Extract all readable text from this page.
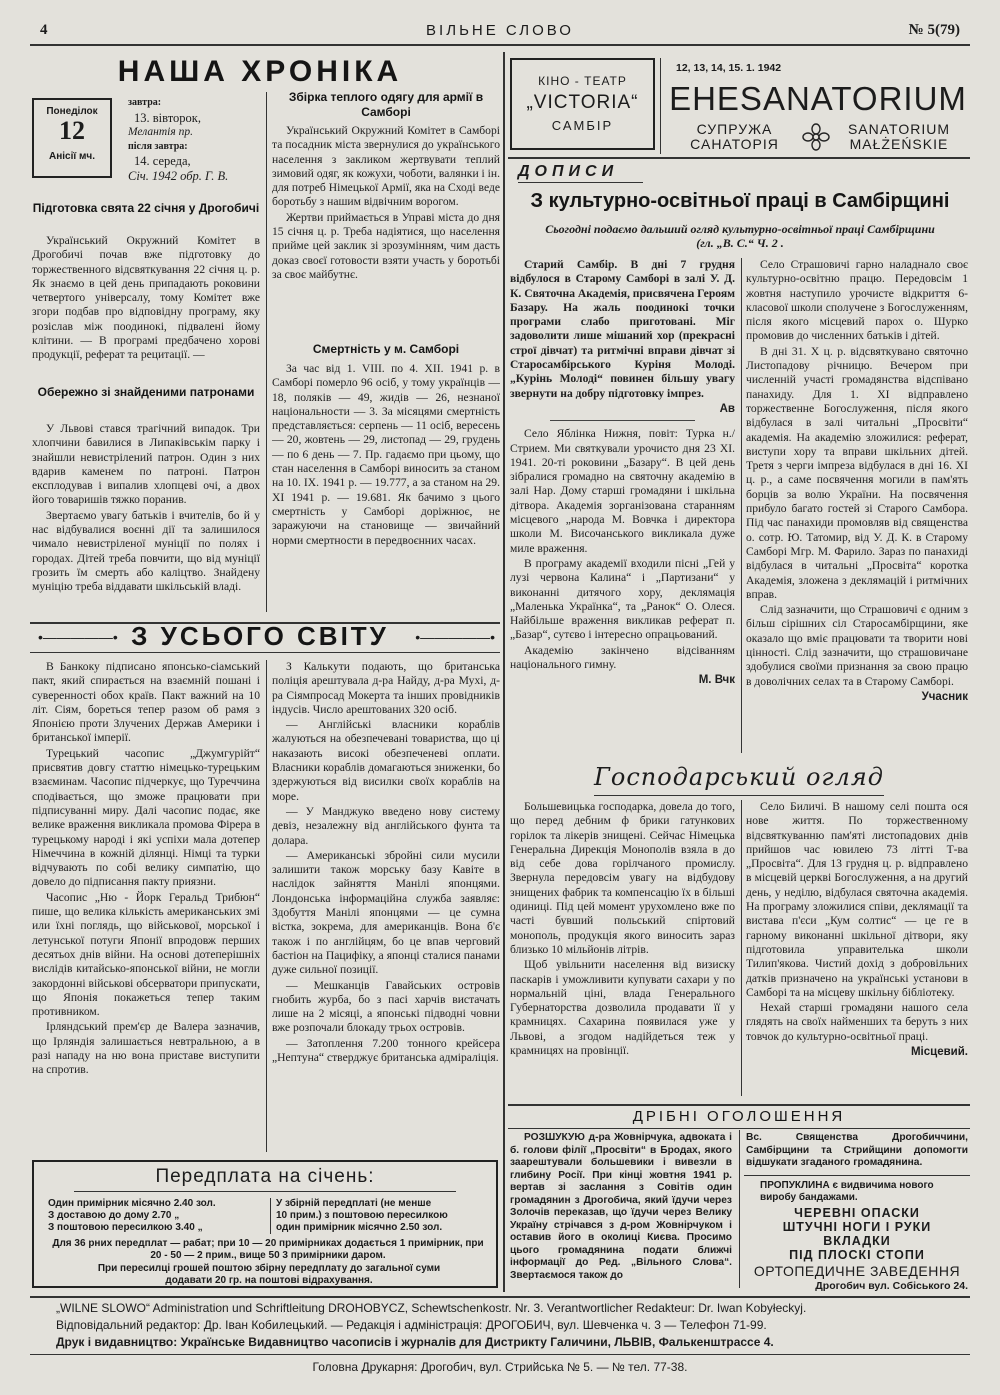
4	ВІЛЬНЕ СЛОВО	№ 5(79)
НАША ХРОНІКА
Понеділок
12
Анісії мч.
завтра:
13. вівторок,
Мелантія пр.
після завтра:
14. середа,
Січ. 1942 обр. Г. В.
Підготовка свята 22 січня у Дрогобичі

Український Окружний Комітет в Дрогобичі почав вже підготовку до торжественного відсвяткування 22 січня ц. р. Як знаємо в цей день припадають роковини четвертого універсалу, тому Комітет вже згори подбав про відповідну програму, яку розіслав між поодинокі, підвалені йому клітини. — В програмі предбачено хорові продукції, реферат та рецитації. —

Обережно зі знайденими патронами

У Львові стався трагічний випадок. Три хлопчини бавилися в Липаківськім парку і знайшли невистрілений патрон. Один з них вдарив каменем по патроні. Патрон експлодував і випалив хлопцеві очі, а двох його товаришів тяжко поранив.

Звертаємо увагу батьків і вчителів, бо й у нас відбувалися воєнні дії та залишилося чимало невистріленої муніції по полях і городах. Дітей треба повчити, що від муніції грозить їм смерть або каліцтво. Знайдену муніцію треба віддавати шкільській владі.

Збірка теплого одягу для армії в Самборі

Український Окружний Комітет в Самборі та посадник міста звернулися до українського населення з закликом жертвувати теплий зимовий одяг, як кожухи, чоботи, валянки і ін. для потреб Німецької Армії, яка на Сході веде боротьбу з нашим відвічним ворогом.

Жертви приймається в Управі міста до дня 15 січня ц. р. Треба надіятися, що населення прийме цей заклик зі зрозумінням, чим дасть доказ своєї готовости взяти участь у боротьбі за своє майбутнє.

Смертність у м. Самборі

За час від 1. VIII. по 4. XII. 1941 р. в Самборі померло 96 осіб, у тому українців — 18, поляків — 49, жидів — 26, незнаної національности — 3. За місяцями смертність представляється: серпень — 11 осіб, вересень — 20, жовтень — 29, листопад — 29, грудень — по 6 день — 7. Пр. гадаємо при цьому, що стан населення в Самборі виносить за станом на 10. IX. 1941 р. — 19.777, а за станом на 29. XI 1941 р. — 19.681. Як бачимо з цього смертність у Самборі доріжнює, не заражуючи на становище — звичайний норми смертности в передвоєнних часах.

•—————• З УСЬОГО СВІТУ	•—————•

В Банкоку підписано японсько-сіамський пакт, який спирається на взаємній пошані і суверенності обох країв. Пакт важний на 10 літ. Сіям, бореться тепер разом об рамя з Японією проти Злучених Держав Америки і британської імперії.

Турецький часопис „Джумгурійт“ присвятив довгу статтю німецько-турецьким взаєминам. Часопис підчеркує, що Туреччина сподівається, що зможе працювати при підписуванні миру. Далі часопис подає, яке велике враження викликала промова Фірера в турецькому народі і які успіхи мала дотепер Німеччина в кожній ділянці. Німці та турки відчувають по собі велику симпатію, що довело до підписання пакту приязни.

Часопис „Ню - Йорк Геральд Трибюн“ пише, що велика кількість американських змі или їхні поглядь, що військової, морської і летунської потуги Японії впродовж перших десятьох днів війни. На основі дотеперішніх вислідів китайсько-японської війни, не могли закордонні військові обсерватори припускати, що Японія покажеться тепер таким противником.

Ірляндський прем'єр де Валера зазначив, що Ірляндія залишається невтральною, а в разі нападу на ню вона приставе виступити на спротив.

З Калькути подають, що британська поліція арештувала д-ра Найду, д-ра Мухі, д-ра Сіямпросад Мокерта та інших провідників індусів. Число арештованих 320 осіб.

— Англійські власники кораблів жалуються на обезпечевані товариства, що ці наказають високі обезпеченеві оплати. Власники кораблів домагаються зниженки, бо здержуються від висилки своїх кораблів на море.

— У Манджуко введено нову систему девіз, незалежну від англійського фунта та долара.

— Американські збройні сили мусили залишити також морську базу Кавіте в наслідок зайняття Манілі японцями. Лондонська інформаційна служба заявляє: Здобуття Манілі японцями — це сумна вістка, зокрема, для американців. Вона б'є також і по англійцям, бо це впав черговий бастіон на Пацифіку, а японці сталися панами дуже сильної позиції.

— Мешканців Гавайських островів гнобить журба, бо з пасі харчів вистачать лише на 2 місяці, а японські підводні човни вже розпочали блокаду трьох островів.

— Затоплення 7.200 тонного крейсера „Нептуна“ стверджує британська адміраліція.

Передплата на січень:
Один примірник місячно 2.40 зол.
З доставою до дому 2.70 „
З поштовою пересилкою 3.40 „
У збірній передплаті (не менше
10 прим.) з поштовою пересилкою
один примірник місячно 2.50 зол.
Для 36 рних передплат — рабат; при 10 — 20 примірниках додається 1 примірник, при 20 - 50 — 2 прим., вище 50 3 примірники даром.
При пересилці грошей поштою збірну передплату до загальної суми додавати 20 гр. на поштові відрахування.
КІНО - ТЕАТР
„VICTORIA“
САМБІР
12, 13, 14, 15. 1. 1942
EHESANATORIUM
СУПРУЖА САНАТОРІЯ
SANATORIUM MAŁŻEŃSKIE
ДОПИСИ
З культурно-освітньої праці в Самбірщині
Сьогодні подаємо дальший огляд культурно-освітньої праці Самбірщини (гл. „В. С.“ Ч. 2 .

Старий Самбір. В дні 7 грудня відбулося в Старому Самборі в залі У. Д. К. Святочна Академія, присвячена Героям Базару. На жаль поодинокі точки програми слабо приготовані. Міг задоволити лише мішаний хор (прекрасні строї дівчат) та ритмічні вправи дівчат зі Старосамбірського Куріня Молоді. „Курінь Молоді“ повинен більшу увагу звернути на добру підготовку імпрез.

Ав

Село Яблінка Нижня, повіт: Турка н./Стрием. Ми святкували урочисто дня 23 XI. 1941. 20-ті роковини „Базару“. В цей день зібралися громадно на святочну академію в залі Нар. Дому старші громадяни і шкільна дітвора. Академія зорганізована старанням місцевого „народа М. Вовчка і директора школи М. Височанського викликала дуже миле враження.

В програму академії входили пісні „Гей у лузі червона Калина“ і „Партизани“ у виконанні дитячого хору, деклямація „Маленька Українка“, та „Ранок“ О. Олеся. Найбільше враження викликав реферат п. „Базар“, сутєво і інтересно опрацьований.

Академію закінчено відсіванням національного гимну.

М. Вчк

Село Страшовичі гарно наладнало своє культурно-освітню працю. Передовсім 1 жовтня наступило урочисте відкриття 6-класової школи сполучене з Богослуженням, після якого місцевий парох о. Шурко промовив до численних батьків і дітей.

В дні 31. X ц. р. відсвяткувано святочно Листопадову річницю. Вечером при численній участі громадянства відспівано панахиду. Для 1. XI відправлено торжественне Богослуження, після якого відбулася в залі читальні „Просвіти“ академія. На академію зложилися: реферат, виступи хору та вправи шкільних дітей. Третя з черги імпреза відбулася в дні 16. XI ц. р., а саме посвячення могили в пам'ять борців за волю України. На посвячення прибуло багато гостей зі Старого Самбора. Під час панахиди промовляв від священства о. сотр. Ю. Татомир, від У. Д. К. в Старому Самборі Мгр. М. Фарило. Зараз по панахиді відбулася в читальні „Просвіта“ коротка Академія, зложена з деклямацій і ритмічних вправ.

Слід зазначити, що Страшовичі є одним з більш сірішних сіл Старосамбірщини, яке оказало що вміє працювати та творити нові цінності. Слід зазначити, що страшовичане здобулися своїми признання за свою працю в доволічних селах та в Старому Самборі.

Учасник
Господарський огляд

Большевицька господарка, довела до того, що перед дебним ф брики гатункових горілок та лікерів знищені. Сейчас Німецька Генеральна Дирекція Монополів взяла в до від себе дова горілчаного промислу. Звернула передовсім увагу на відбудову знищених фабрик та компенсацію їх в більші одиниці. Під цей момент урухомлено вже по часті бувший польський спіртовий монополь, продукція якого виносить зараз близько 10 мільйонів літрів.

Щоб увільнити населення від визиску паскарів і уможливити купувати сахари у по нормальній ціні, влада Генерального Губернаторства дозволила продавати її у крамницях. Сахарина появилася уже у Львові, а згодом надійдеться теж у крамницях на провінції.

Село Биличі. В нашому селі пошта ося нове життя. По торжественному відсвяткуванню пам'яті листопадових днів прийшов час ювилею 73 літті Т-ва „Просвіта“. Для 13 грудня ц. р. відправлено в місцевій церкві Богослуження, а на другий день, у неділю, відбулася святочна академія. На програму зложилися співи, деклямації та вистава п'єси „Кум солтис“ — це ге в гарному виконанні шкільної дітвори, яку підготовила управителька школи Тилип'якова. Чистий дохід з добровільних датків призначено на українські установи в Самборі та на місцеву шкільну бібліотеку.

Нехай старші громадяни нашого села глядять на своїх найменших та беруть з них товчок до культурно-освітньої праці.

Місцевий.
ДРІБНІ ОГОЛОШЕННЯ

РОЗШУКУЮ д-ра Жовнірчука, адвоката і б. голови філії „Просвіти“ в Бродах, якого заарештували большевики і вивезли в глибину Росії. При кінці жовтня 1941 р. вертав зі заслання з Совітів один громадянин з Дрогобича, який їдучи через Золочів переказав, що їдучи через Велику Україну стрічався з д-ром Жовнірчуком і оставив його в околиці Києва. Просимо цього громадянина подати ближчі інформації до Ред. „Вільного Слова“. Звертаємося також до

Вс. Священства Дрогобиччини, Самбірщини та Стрийщини допомогти відшукати згаданого громадянина.
ПРОПУКЛИНА є видвичима нового виробу бандажами.
ЧЕРЕВНІ ОПАСКИ
ШТУЧНІ НОГИ І РУКИ
ВКЛАДКИ
ПІД ПЛОСКІ СТОПИ
ОРТОПЕДИЧНЕ ЗАВЕДЕННЯ
Дрогобич вул. Собіського 24.
„WILNE SLOWO“ Administration und Schriftleitung DROHOBYCZ, Schewtschenkostr. Nr. 3. Verantwortlicher Redakteur: Dr. Iwan Kobyłeckyj.
Відповідальний редактор: Др. Іван Кобилецький. — Редакція і адміністрація: ДРОГОБИЧ, вул. Шевченка ч. 3 — Телефон 71-99.
Друк і видавництво: Українське Видавництво часописів і журналів для Дистрикту Галичини, ЛЬВІВ, Фалькенштрассе 4.
Головна Друкарня: Дрогобич, вул. Стрийська № 5. — № тел. 77-38.
